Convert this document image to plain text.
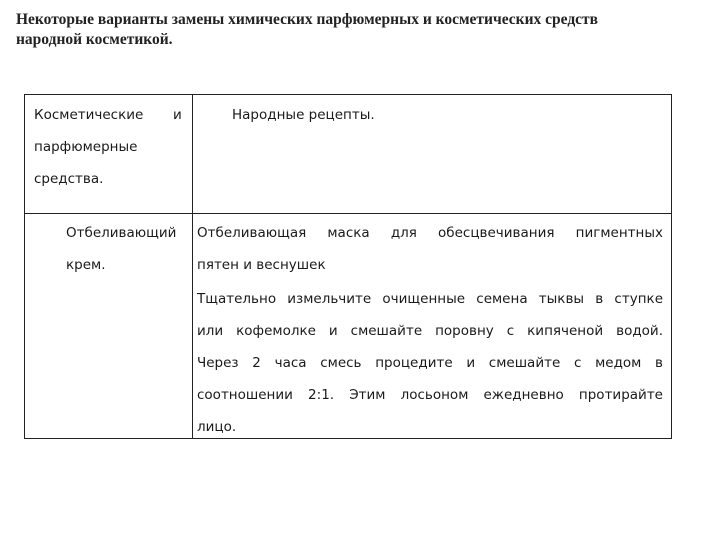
Некоторые варианты замены химических парфюмерных и косметических средств
народной косметикой.
Косметические и
парфюмерные
средства.
Народные рецепты.
Отбеливающий
крем.
Отбеливающая маска для обесцвечивания пигментных
пятен и веснушек
Тщательно измельчите очищенные семена тыквы в ступке
или кофемолке и смешайте поровну с кипяченой водой.
Через 2 часа смесь процедите и смешайте с медом в
соотношении 2:1. Этим лосьоном ежедневно протирайте
лицо.
